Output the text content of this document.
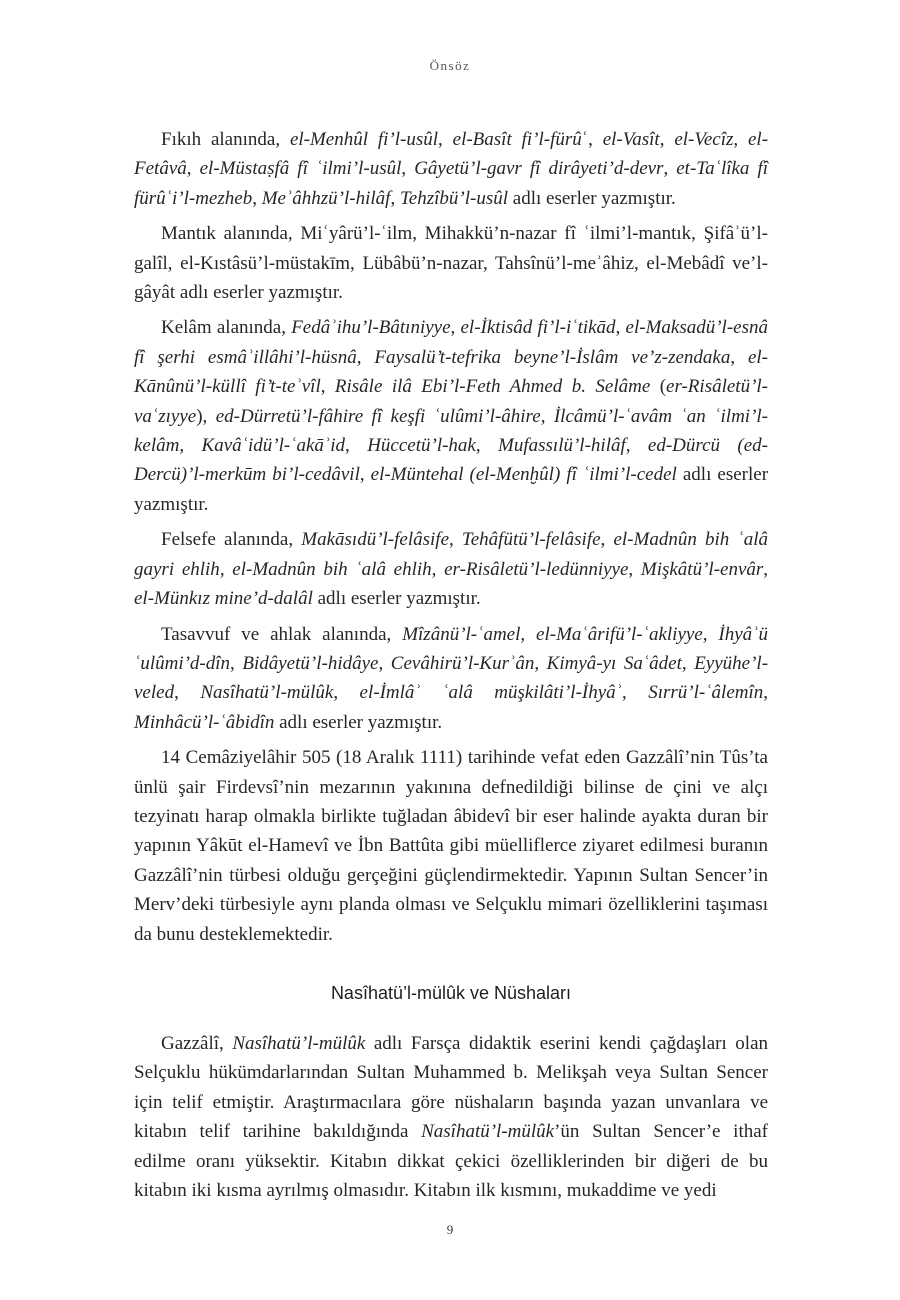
Önsöz

Fıkıh alanında, el-Menhûl fi’l-usûl, el-Basît fi’l-fürûʿ, el-Vasît, el-Vecîz, el-Fetâvâ, el-Müstaṣfâ fî ʿilmi’l-usûl, Gâyetü’l-gavr fî dirâyeti’d-devr, et-Taʿlîka fî fürûʿi’l-mezheb, Meʾâhhzü’l-hilâf, Tehzîbü’l-usûl adlı eserler yazmıştır.

Mantık alanında, Miʿyârü’l-ʿilm, Mihakkü’n-nazar fî ʿilmi’l-mantık, Şifâʾü’l-galîl, el-Kıstâsü’l-müstakīm, Lübâbü’n-nazar, Tahsînü’l-meʾâhiz, el-Mebâdî ve’l-gâyât adlı eserler yazmıştır.

Kelâm alanında, Fedâʾihu’l-Bâtıniyye, el-İktisâd fi’l-iʿtikād, el-Maksadü’l-esnâ fî şerhi esmâʾillâhi’l-hüsnâ, Faysalü’t-tefrika beyne’l-İslâm ve’z-zendaka, el-Kānûnü’l-küllî fi’t-teʾvîl, Risâle ilâ Ebi’l-Feth Ahmed b. Selâme (er-Risâletü’l-vaʿzıyye), ed-Dürretü’l-fâhire fî keşfi ʿulûmi’l-âhire, İlcâmü’l-ʿavâm ʿan ʿilmi’l-kelâm, Kavâʿidü’l-ʿakāʾid, Hüccetü’l-hak, Mufassılü’l-hilâf, ed-Dürcü (ed-Dercü)’l-merkūm bi’l-cedâvil, el-Müntehal (el-Menḫûl) fî ʿilmi’l-cedel adlı eserler yazmıştır.

Felsefe alanında, Makāsıdü’l-felâsife, Tehâfütü’l-felâsife, el-Madnûn bih ʿalâ gayri ehlih, el-Madnûn bih ʿalâ ehlih, er-Risâletü’l-ledünniyye, Mişkâtü’l-envâr, el-Münkız mine’d-dalâl adlı eserler yazmıştır.

Tasavvuf ve ahlak alanında, Mîzânü’l-ʿamel, el-Maʿârifü’l-ʿakliyye, İhyâʾü ʿulûmi’d-dîn, Bidâyetü’l-hidâye, Cevâhirü’l-Kurʾân, Kimyâ-yı Saʿâdet, Eyyühe’l-veled, Nasîhatü’l-mülûk, el-İmlâʾ ʿalâ müşkilâti’l-İhyâʾ, Sırrü’l-ʿâlemîn, Minhâcü’l-ʿâbidîn adlı eserler yazmıştır.

14 Cemâziyelâhir 505 (18 Aralık 1111) tarihinde vefat eden Gazzâlî’nin Tûs’ta ünlü şair Firdevsî’nin mezarının yakınına defnedildiği bilinse de çini ve alçı tezyinatı harap olmakla birlikte tuğladan âbidevî bir eser halinde ayakta duran bir yapının Yâkūt el-Hamevî ve İbn Battûta gibi müelliflerce ziyaret edilmesi buranın Gazzâlî’nin türbesi olduğu gerçeğini güçlendirmektedir. Yapının Sultan Sencer’in Merv’deki türbesiyle aynı planda olması ve Selçuklu mimari özelliklerini taşıması da bunu desteklemektedir.

Nasîhatü’l-mülûk ve Nüshaları

Gazzâlî, Nasîhatü’l-mülûk adlı Farsça didaktik eserini kendi çağdaşları olan Selçuklu hükümdarlarından Sultan Muhammed b. Melikşah veya Sultan Sencer için telif etmiştir. Araştırmacılara göre nüshaların başında yazan unvanlara ve kitabın telif tarihine bakıldığında Nasîhatü’l-mülûk’ün Sultan Sencer’e ithaf edilme oranı yüksektir. Kitabın dikkat çekici özelliklerinden bir diğeri de bu kitabın iki kısma ayrılmış olmasıdır. Kitabın ilk kısmını, mukaddime ve yedi

9
